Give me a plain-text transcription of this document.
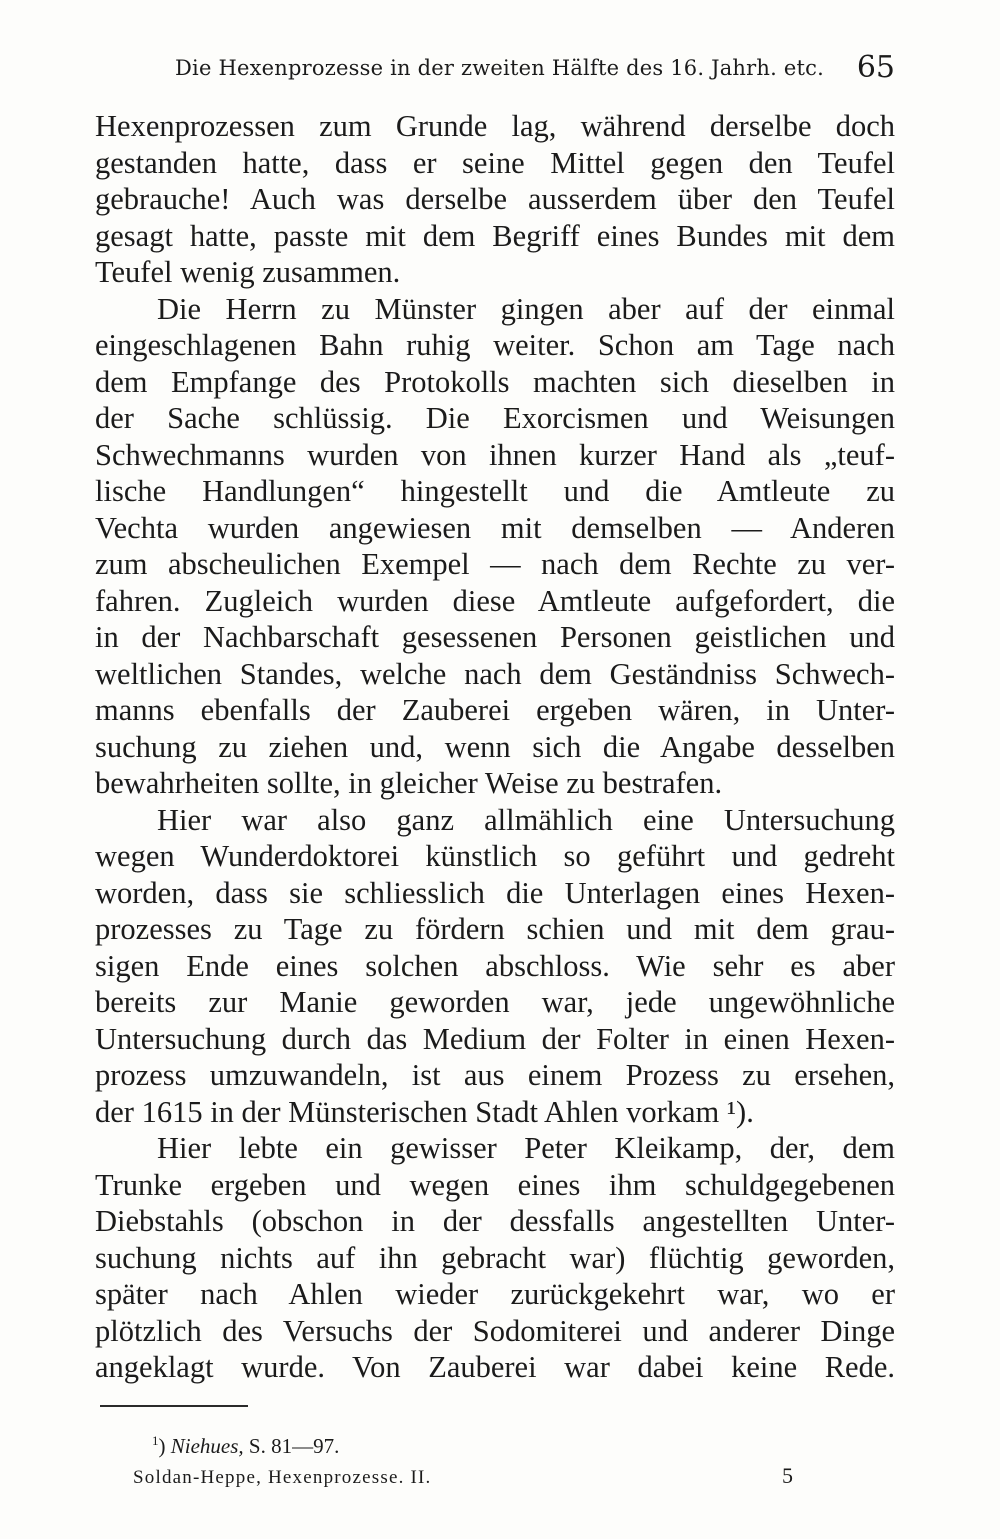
Die Hexenprozesse in der zweiten Hälfte des 16. Jahrh. etc. 65
Hexenprozessen zum Grunde lag, während derselbe doch
gestanden hatte, dass er seine Mittel gegen den Teufel
gebrauche! Auch was derselbe ausserdem über den Teufel
gesagt hatte, passte mit dem Begriff eines Bundes mit dem
Teufel wenig zusammen.
Die Herrn zu Münster gingen aber auf der einmal
eingeschlagenen Bahn ruhig weiter. Schon am Tage nach
dem Empfange des Protokolls machten sich dieselben in
der Sache schlüssig. Die Exorcismen und Weisungen
Schwechmanns wurden von ihnen kurzer Hand als „teuf-
lische Handlungen“ hingestellt und die Amtleute zu
Vechta wurden angewiesen mit demselben — Anderen
zum abscheulichen Exempel — nach dem Rechte zu ver-
fahren. Zugleich wurden diese Amtleute aufgefordert, die
in der Nachbarschaft gesessenen Personen geistlichen und
weltlichen Standes, welche nach dem Geständniss Schwech-
manns ebenfalls der Zauberei ergeben wären, in Unter-
suchung zu ziehen und, wenn sich die Angabe desselben
bewahrheiten sollte, in gleicher Weise zu bestrafen.
Hier war also ganz allmählich eine Untersuchung
wegen Wunderdoktorei künstlich so geführt und gedreht
worden, dass sie schliesslich die Unterlagen eines Hexen-
prozesses zu Tage zu fördern schien und mit dem grau-
sigen Ende eines solchen abschloss. Wie sehr es aber
bereits zur Manie geworden war, jede ungewöhnliche
Untersuchung durch das Medium der Folter in einen Hexen-
prozess umzuwandeln, ist aus einem Prozess zu ersehen,
der 1615 in der Münsterischen Stadt Ahlen vorkam ¹).
Hier lebte ein gewisser Peter Kleikamp, der, dem
Trunke ergeben und wegen eines ihm schuldgegebenen
Diebstahls (obschon in der dessfalls angestellten Unter-
suchung nichts auf ihn gebracht war) flüchtig geworden,
später nach Ahlen wieder zurückgekehrt war, wo er
plötzlich des Versuchs der Sodomiterei und anderer Dinge
angeklagt wurde. Von Zauberei war dabei keine Rede.
$^1$) Niehues, S. 81—97.
Soldan-Heppe, Hexenprozesse. II.	5
